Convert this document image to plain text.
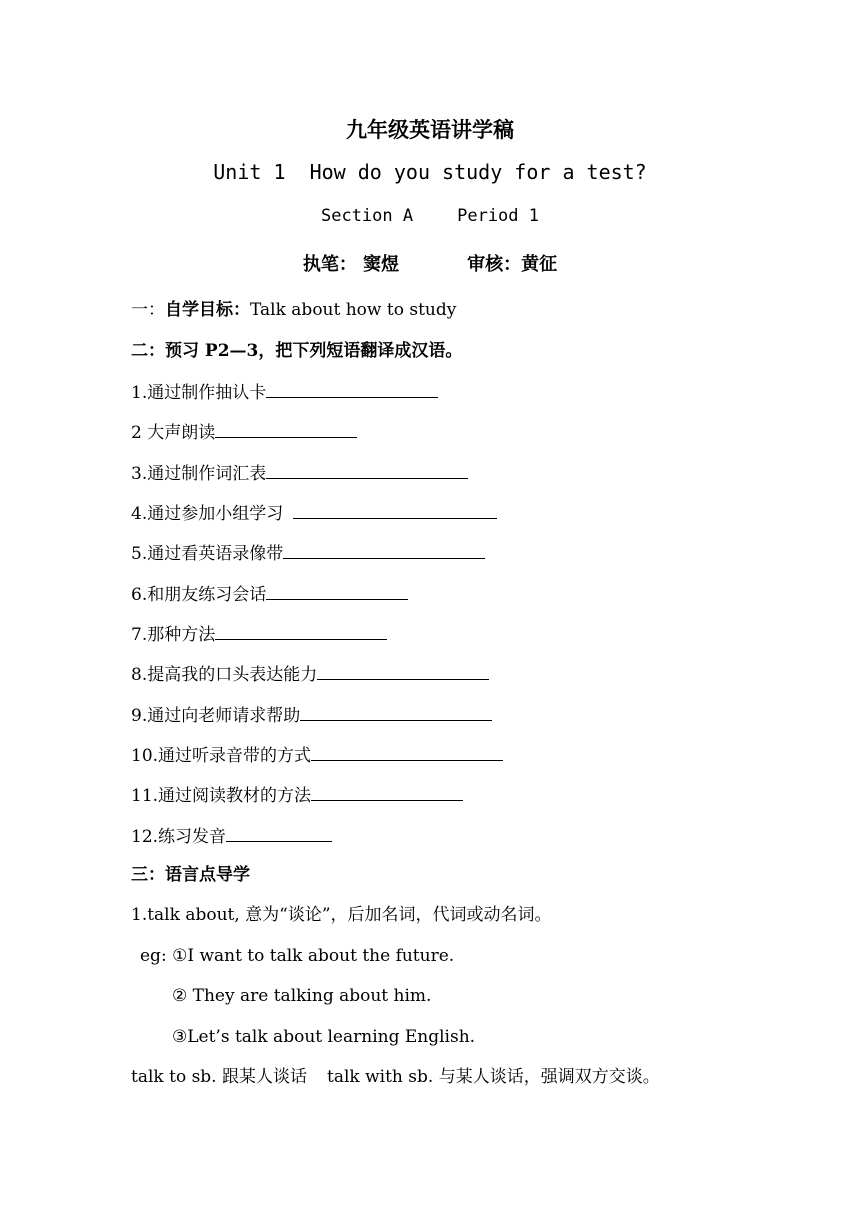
九年级英语讲学稿
Unit 1  How do you study for a test?
Section A	Period 1
执笔： 窦煜	审核：黄征
一：自学目标：Talk about how to study
二：预习 P2—3，把下列短语翻译成汉语。
1.通过制作抽认卡
2 大声朗读
3.通过制作词汇表
4.通过参加小组学习
5.通过看英语录像带
6.和朋友练习会话
7.那种方法
8.提高我的口头表达能力
9.通过向老师请求帮助
10.通过听录音带的方式
11.通过阅读教材的方法
12.练习发音
三：语言点导学
1.talk about, 意为“谈论”，后加名词，代词或动名词。
eg: ①I want to talk about the future.
② They are talking about him.
③Let’s talk about learning English.
talk to sb. 跟某人谈话 talk with sb. 与某人谈话，强调双方交谈。
